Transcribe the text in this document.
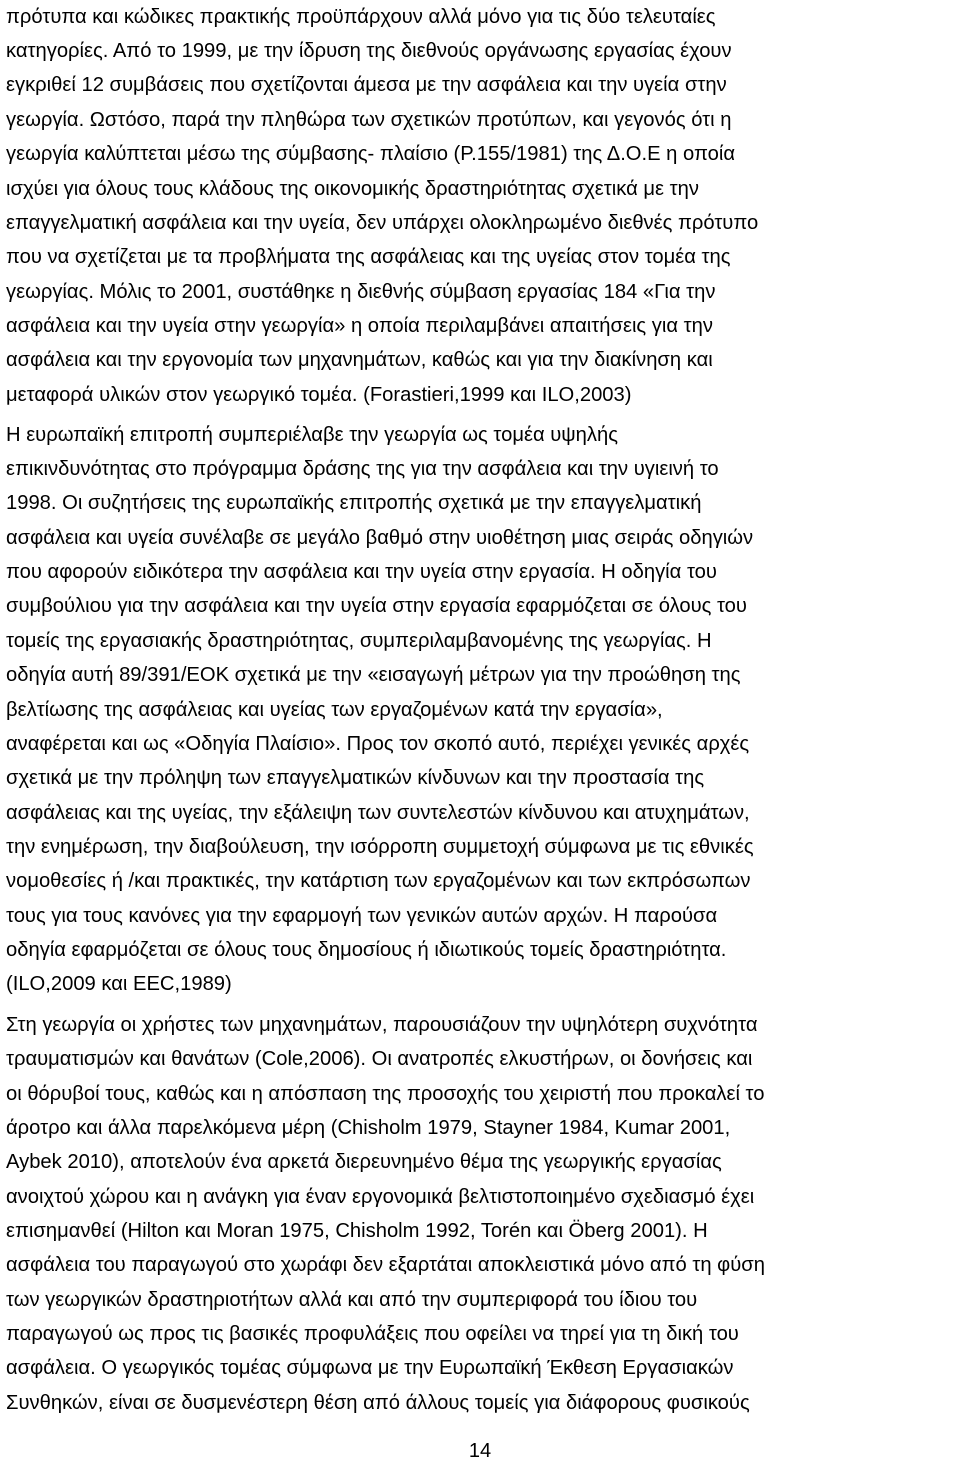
πρότυπα και κώδικες πρακτικής προϋπάρχουν αλλά μόνο για τις δύο τελευταίες
κατηγορίες. Από το 1999, με την ίδρυση της διεθνούς οργάνωσης εργασίας έχουν
εγκριθεί 12 συμβάσεις που σχετίζονται άμεσα με την ασφάλεια και την υγεία στην
γεωργία. Ωστόσο, παρά την πληθώρα των σχετικών προτύπων, και γεγονός ότι η
γεωργία καλύπτεται μέσω της σύμβασης- πλαίσιο (Ρ.155/1981) της Δ.Ο.Ε η οποία
ισχύει για όλους τους κλάδους της οικονομικής δραστηριότητας σχετικά με την
επαγγελματική ασφάλεια και την υγεία, δεν υπάρχει ολοκληρωμένο διεθνές πρότυπο
που να σχετίζεται με τα προβλήματα της ασφάλειας και της υγείας στον τομέα της
γεωργίας. Μόλις το 2001, συστάθηκε η διεθνής σύμβαση εργασίας 184 «Για την
ασφάλεια και την υγεία στην γεωργία» η οποία περιλαμβάνει απαιτήσεις για την
ασφάλεια και την εργονομία των μηχανημάτων, καθώς και για την διακίνηση και
μεταφορά υλικών στον γεωργικό τομέα. (Forastieri,1999 και ILO,2003)
Η ευρωπαϊκή επιτροπή συμπεριέλαβε την γεωργία ως τομέα υψηλής
επικινδυνότητας στο πρόγραμμα δράσης της για την ασφάλεια και την υγιεινή το
1998. Οι συζητήσεις της ευρωπαϊκής επιτροπής σχετικά με την επαγγελματική
ασφάλεια και υγεία συνέλαβε σε μεγάλο βαθμό στην υιοθέτηση μιας σειράς οδηγιών
που αφορούν ειδικότερα την ασφάλεια και την υγεία στην εργασία. Η οδηγία του
συμβούλιου για την ασφάλεια και την υγεία στην εργασία εφαρμόζεται σε όλους του
τομείς της εργασιακής δραστηριότητας, συμπεριλαμβανομένης της γεωργίας. Η
οδηγία αυτή 89/391/ΕΟΚ σχετικά με την «εισαγωγή μέτρων για την προώθηση της
βελτίωσης της ασφάλειας και υγείας των εργαζομένων κατά την εργασία»,
αναφέρεται και ως «Οδηγία Πλαίσιο». Προς τον σκοπό αυτό, περιέχει γενικές αρχές
σχετικά με την πρόληψη των επαγγελματικών κίνδυνων και την προστασία της
ασφάλειας και της υγείας, την εξάλειψη των συντελεστών κίνδυνου και ατυχημάτων,
την ενημέρωση, την διαβούλευση, την ισόρροπη συμμετοχή σύμφωνα με τις εθνικές
νομοθεσίες ή /και πρακτικές, την κατάρτιση των εργαζομένων και των εκπρόσωπων
τους για τους κανόνες για την εφαρμογή των γενικών αυτών αρχών. Η παρούσα
οδηγία εφαρμόζεται σε όλους τους δημοσίους ή ιδιωτικούς τομείς δραστηριότητα.
(ILO,2009 και EEC,1989)
Στη γεωργία οι χρήστες των μηχανημάτων, παρουσιάζουν την υψηλότερη συχνότητα
τραυματισμών και θανάτων (Cole,2006). Οι ανατροπές ελκυστήρων, οι δονήσεις και
οι θόρυβοί τους, καθώς και η απόσπαση της προσοχής του χειριστή που προκαλεί το
άροτρο και άλλα παρελκόμενα μέρη (Chisholm 1979, Stayner 1984, Kumar 2001,
Aybek 2010), αποτελούν ένα αρκετά διερευνημένο θέμα της γεωργικής εργασίας
ανοιχτού χώρου και η ανάγκη για έναν εργονομικά βελτιστοποιημένο σχεδιασμό έχει
επισημανθεί (Hilton και Moran 1975, Chisholm 1992, Torén και Öberg 2001). Η
ασφάλεια του παραγωγού στο χωράφι δεν εξαρτάται αποκλειστικά μόνο από τη φύση
των γεωργικών δραστηριοτήτων αλλά και από την συμπεριφορά του ίδιου του
παραγωγού ως προς τις βασικές προφυλάξεις που οφείλει να τηρεί για τη δική του
ασφάλεια. Ο γεωργικός τομέας σύμφωνα με την Ευρωπαϊκή Έκθεση Εργασιακών
Συνθηκών, είναι σε δυσμενέστερη θέση από άλλους τομείς για διάφορους φυσικούς
14
